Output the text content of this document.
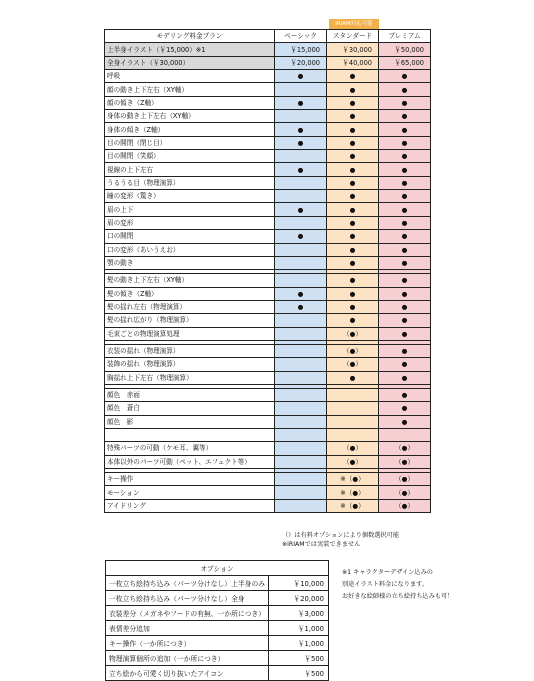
iRIAM対応可能
モデリング料金プラン	ベーシック	スタンダード	プレミアム
上半身イラスト（￥15,000）※1	￥15,000	￥30,000	￥50,000
全身イラスト（￥30,000）	￥20,000	￥40,000	￥65,000
呼吸	●	●	●
顔の動き上下左右（XY軸）		●	●
顔の傾き（Z軸）	●	●	●
身体の動き上下左右（XY軸）		●	●
身体の傾き（Z軸）	●	●	●
目の開閉（閉じ目）	●	●	●
目の開閉（笑顔）		●	●
視線の上下左右	●	●	●
うるうる目（物理演算）		●	●
瞳の変形（驚き）		●	●
眉の上下	●	●	●
眉の変形		●	●
口の開閉	●	●	●
口の変形（あいうえお）		●	●
顎の動き		●	●

髪の動き上下左右（XY軸）		●	●
髪の傾き（Z軸）	●	●	●
髪の揺れ左右（物理演算）	●	●	●
髪の揺れ広がり（物理演算）		●	●
毛束ごとの物理演算処理		（●）	●

衣装の揺れ（物理演算）		（●）	●
装飾の揺れ（物理演算）		（●）	●
胸揺れ上下左右（物理演算）		●	●

顔色　赤面			●
顔色　蒼白			●
顔色　影			●

特殊パーツの可動（ケモ耳、翼等）		（●）	（●）
本体以外のパーツ可動（ペット、エフェクト等）		（●）	（●）

キー操作		※（●）	（●）
モーション		※（●）	（●）
アイドリング		※（●）	（●）
（）は有料オプションにより個数選択可能
※iRIAMでは実装できません
オプション	
一枚立ち絵持ち込み（パーツ分けなし）上半身のみ	￥10,000
一枚立ち絵持ち込み（パーツ分けなし）全身	￥20,000
衣装差分（メガネやフードの有無、一か所につき）	￥3,000
表情差分追加	￥1,000
キー操作（一か所につき）	￥1,000
物理演算個所の追加（一か所につき）	￥500
立ち絵から可愛く切り抜いたアイコン	￥500
※1 キャラクターデザイン込みの
別途イラスト料金になります。
お好きな絵師様の立ち絵持ち込みも可！
